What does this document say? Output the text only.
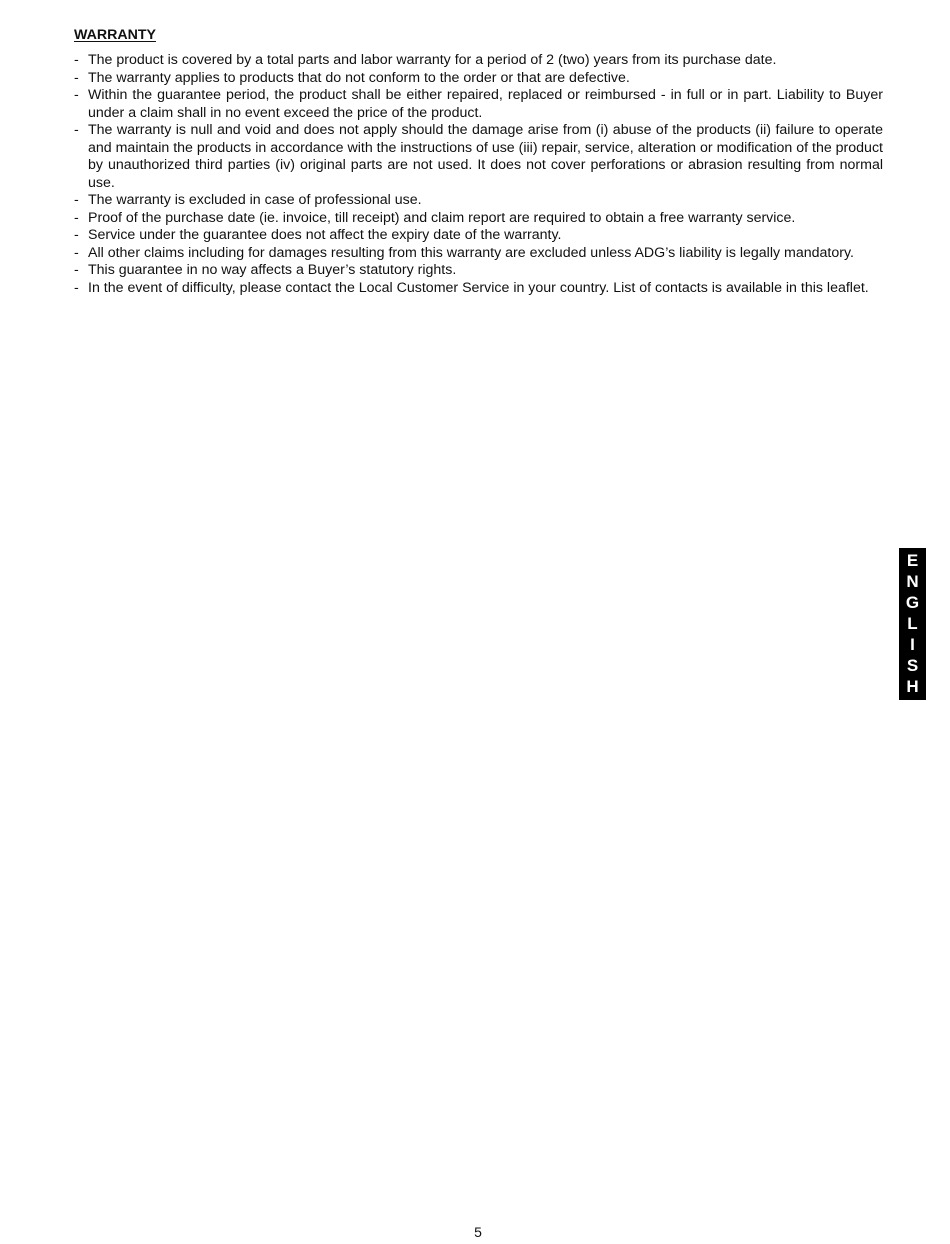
WARRANTY
- The product is covered by a total parts and labor warranty for a period of 2 (two) years from its purchase date.
- The warranty applies to products that do not conform to the order or that are defective.
- Within the guarantee period, the product shall be either repaired, replaced or reimbursed - in full or in part. Liability to Buyer under a claim shall in no event exceed the price of the product.
- The warranty is null and void and does not apply should the damage arise from (i) abuse of the products (ii) failure to operate and maintain the products in accordance with the instructions of use (iii) repair, service, alteration or modification of the product by unauthorized third parties (iv) original parts are not used. It does not cover perforations or abrasion resulting from normal use.
- The warranty is excluded in case of professional use.
- Proof of the purchase date (ie. invoice, till receipt) and claim report are required to obtain a free warranty service.
- Service under the guarantee does not affect the expiry date of the warranty.
- All other claims including for damages resulting from this warranty are excluded unless ADG’s liability is legally mandatory.
- This guarantee in no way affects a Buyer’s statutory rights.
- In the event of difficulty, please contact the Local Customer Service in your country. List of contacts is available in this leaflet.
E
N
G
L
I
S
H
5
